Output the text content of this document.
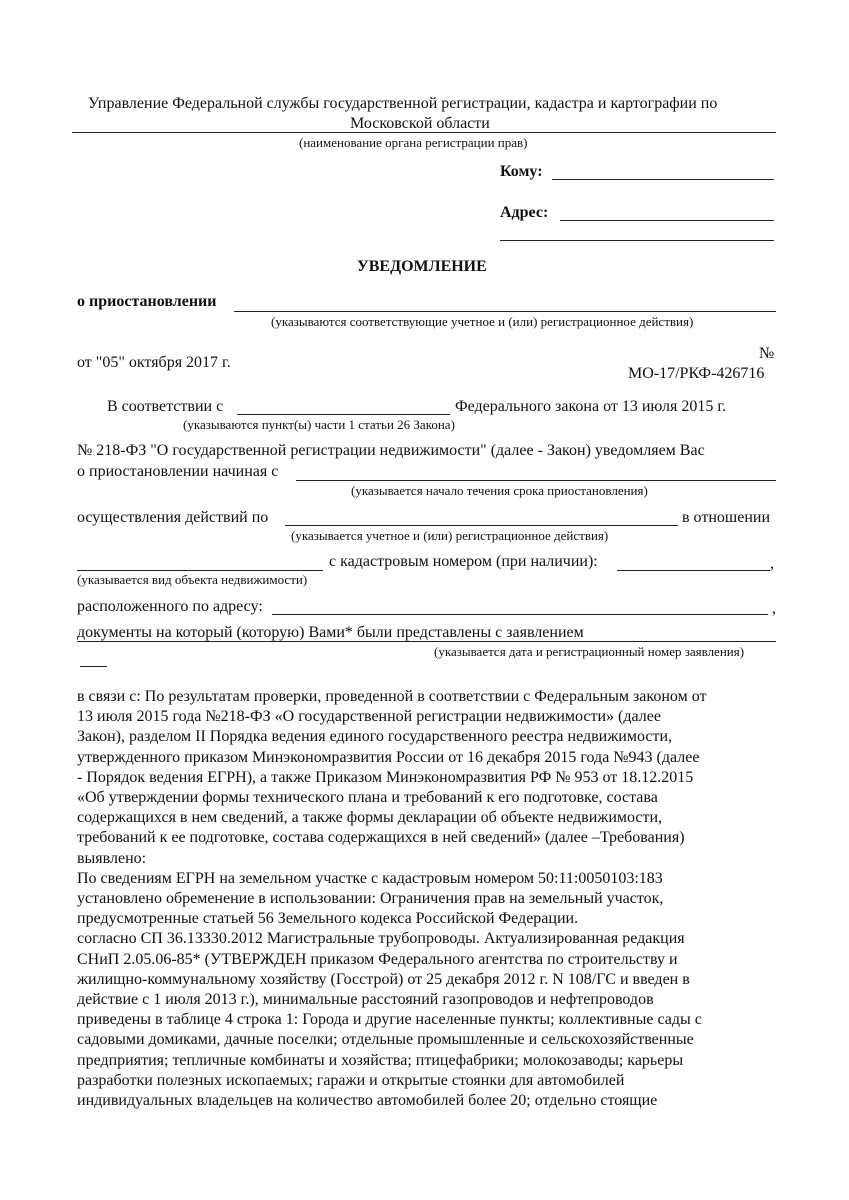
Управление Федеральной службы государственной регистрации, кадастра и картографии по
Московской области
(наименование органа регистрации прав)
Кому:
Адрес:
УВЕДОМЛЕНИЕ
о приостановлении
(указываются соответствующие учетное и (или) регистрационное действия)
от "05" октября 2017 г.
№
МО-17/РКФ-426716
В соответствии с	Федерального закона от 13 июля 2015 г.
(указываются пункт(ы) части 1 статьи 26 Закона)
№ 218-ФЗ "О государственной регистрации недвижимости" (далее - Закон) уведомляем Вас
о приостановлении начиная с
(указывается начало течения срока приостановления)
осуществления действий по	в отношении
(указывается учетное и (или) регистрационное действия)
с кадастровым номером (при наличии):	,
(указывается вид объекта недвижимости)
расположенного по адресу:	,
документы на который (которую) Вами* были представлены с заявлением
(указывается дата и регистрационный номер заявления)
в связи с: По результатам проверки, проведенной в соответствии с Федеральным законом от
13 июля 2015 года №218-ФЗ «О государственной регистрации недвижимости» (далее
Закон), разделом II Порядка ведения единого государственного реестра недвижимости,
утвержденного приказом Минэкономразвития России от 16 декабря 2015 года №943 (далее
- Порядок ведения ЕГРН), а также Приказом Минэкономразвития РФ № 953 от 18.12.2015
«Об утверждении формы технического плана и требований к его подготовке, состава
содержащихся в нем сведений, а также формы декларации об объекте недвижимости,
требований к ее подготовке, состава содержащихся в ней сведений» (далее –Требования)
выявлено:
По сведениям ЕГРН на земельном участке с кадастровым номером 50:11:0050103:183
установлено обременение в использовании: Ограничения прав на земельный участок,
предусмотренные статьей 56 Земельного кодекса Российской Федерации.
согласно СП 36.13330.2012 Магистральные трубопроводы. Актуализированная редакция
СНиП 2.05.06-85* (УТВЕРЖДЕН приказом Федерального агентства по строительству и
жилищно-коммунальному хозяйству (Госстрой) от 25 декабря 2012 г. N 108/ГС и введен в
действие с 1 июля 2013 г.), минимальные расстояний газопроводов и нефтепроводов
приведены в таблице 4 строка 1: Города и другие населенные пункты; коллективные сады с
садовыми домиками, дачные поселки; отдельные промышленные и сельскохозяйственные
предприятия; тепличные комбинаты и хозяйства; птицефабрики; молокозаводы; карьеры
разработки полезных ископаемых; гаражи и открытые стоянки для автомобилей
индивидуальных владельцев на количество автомобилей более 20; отдельно стоящие
